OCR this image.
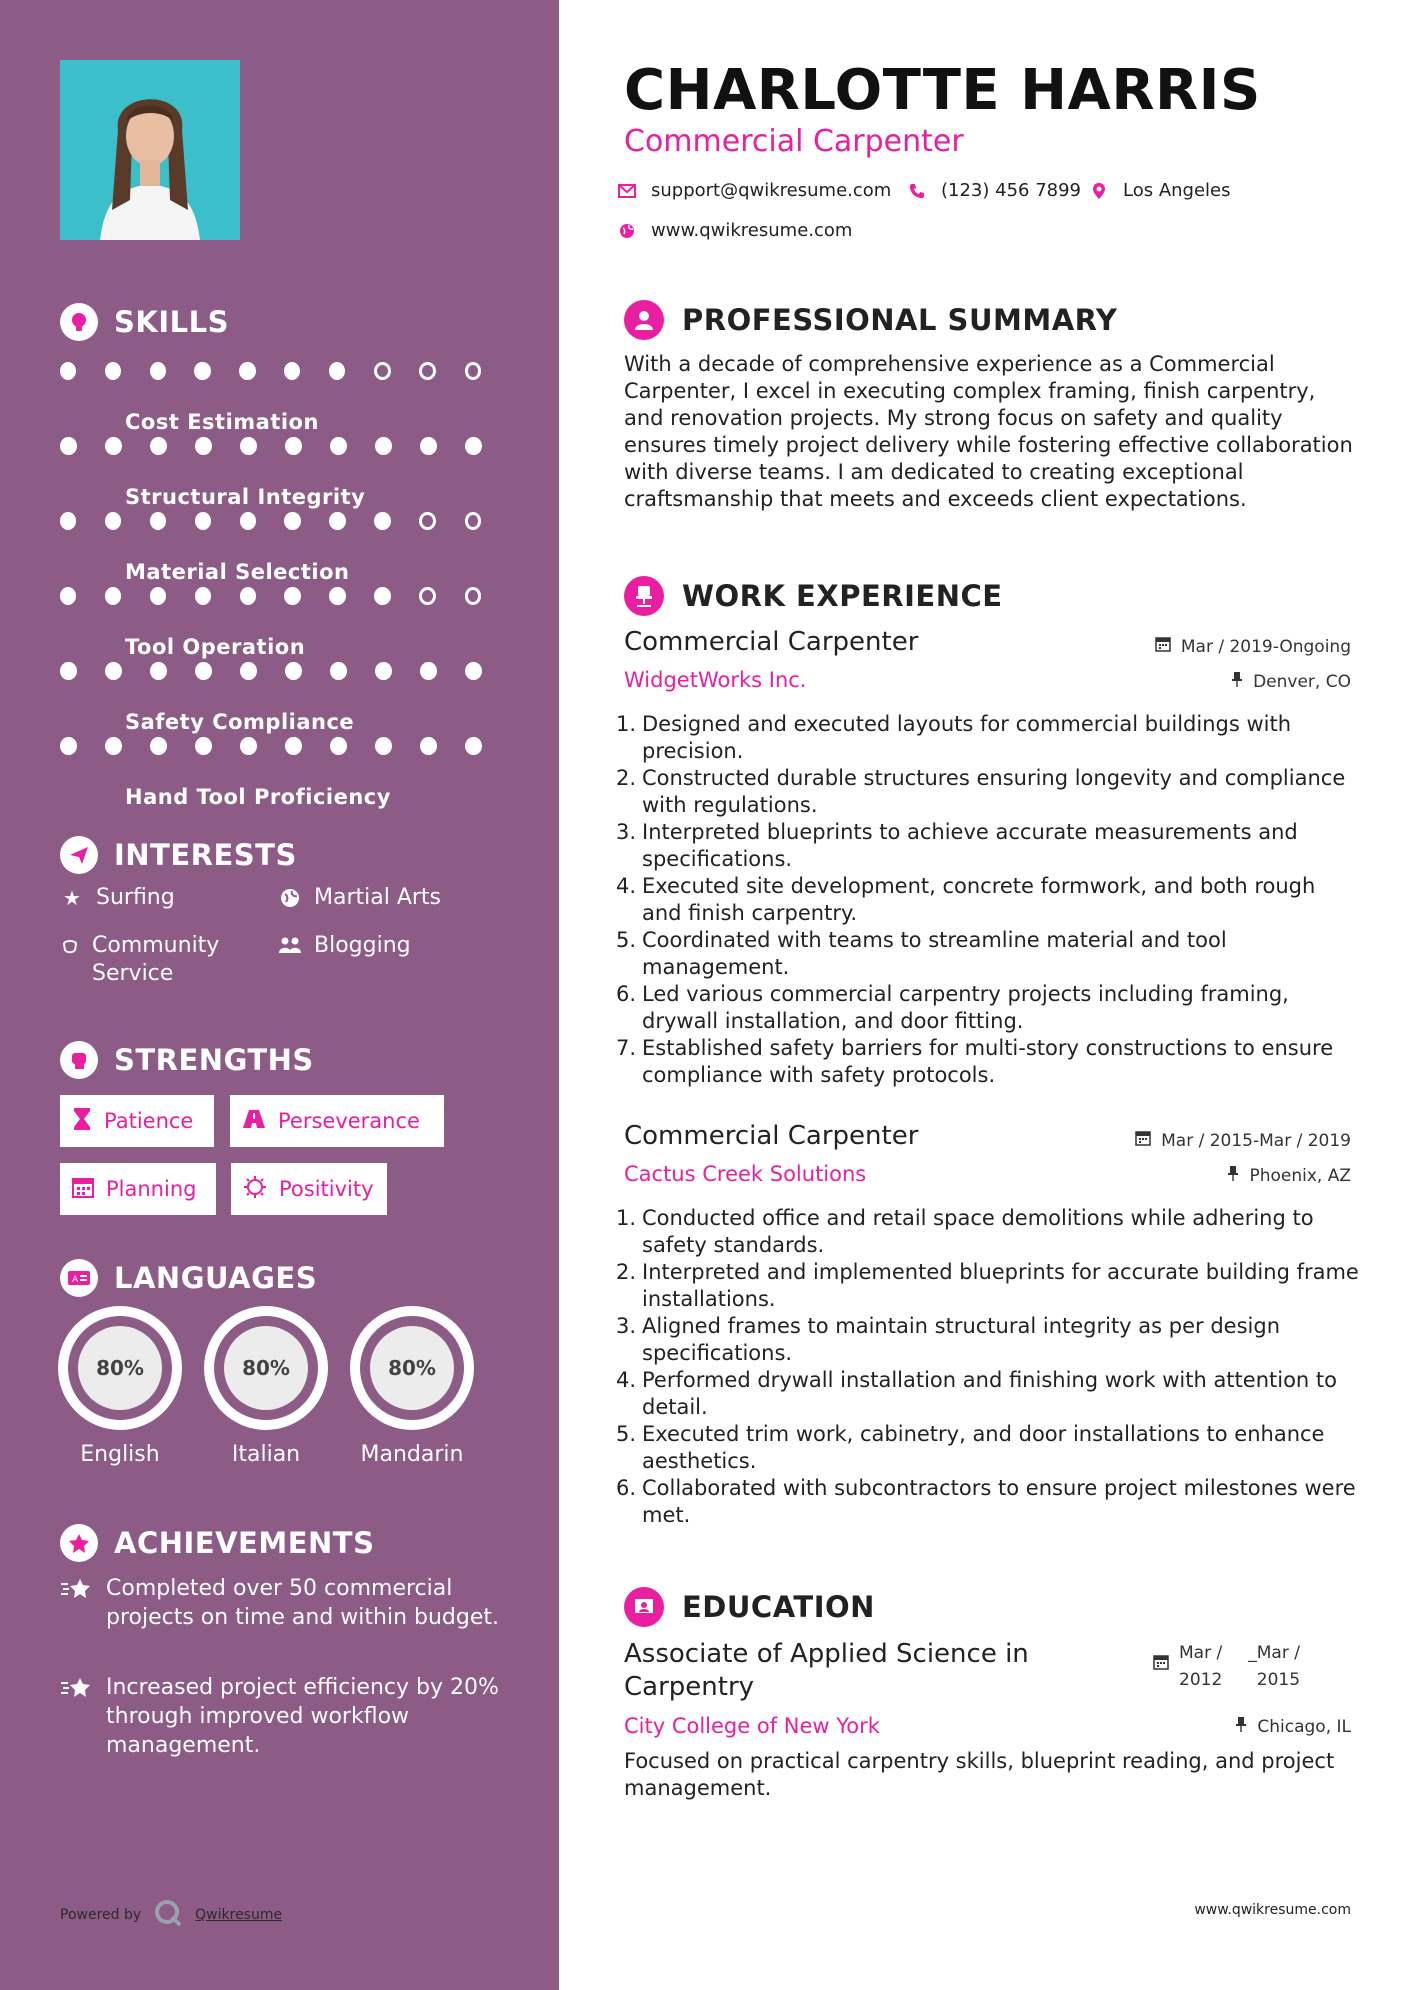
SKILLS
Cost Estimation
Structural Integrity
Material Selection
Tool Operation
Safety Compliance
Hand Tool Proficiency
INTERESTS
★ Surfing	Martial Arts
Community Service
Blogging
STRENGTHS
Patience	Perseverance
Planning	Positivity
A LANGUAGES
80%
English
80%
Italian
80%
Mandarin
ACHIEVEMENTS
Completed over 50 commercial projects on time and within budget.
Increased project efficiency by 20% through improved workflow management.
Powered by	Qwikresume
CHARLOTTE HARRIS
Commercial Carpenter
support@qwikresume.com	(123) 456 7899 Los Angeles
www.qwikresume.com
PROFESSIONAL SUMMARY
With a decade of comprehensive experience as a Commercial Carpenter, I excel in executing complex framing, finish carpentry, and renovation projects. My strong focus on safety and quality ensures timely project delivery while fostering effective collaboration with diverse teams. I am dedicated to creating exceptional craftsmanship that meets and exceeds client expectations.
WORK EXPERIENCE
Commercial Carpenter
WidgetWorks Inc.
Mar / 2019-Ongoing
Denver, CO
Designed and executed layouts for commercial buildings with precision.
Constructed durable structures ensuring longevity and compliance with regulations.
Interpreted blueprints to achieve accurate measurements and specifications.
Executed site development, concrete formwork, and both rough and finish carpentry.
Coordinated with teams to streamline material and tool management.
Led various commercial carpentry projects including framing, drywall installation, and door fitting.
Established safety barriers for multi-story constructions to ensure compliance with safety protocols.
Commercial Carpenter
Cactus Creek Solutions
Mar / 2015-Mar / 2019
Phoenix, AZ
Conducted office and retail space demolitions while adhering to safety standards.
Interpreted and implemented blueprints for accurate building frame installations.
Aligned frames to maintain structural integrity as per design specifications.
Performed drywall installation and finishing work with attention to detail.
Executed trim work, cabinetry, and door installations to enhance aesthetics.
Collaborated with subcontractors to ensure project milestones were met.
EDUCATION
Associate of Applied Science in
Carpentry
City College of New York
Mar /
2012
_ Mar /
2015
Chicago, IL
Focused on practical carpentry skills, blueprint reading, and project management.
www.qwikresume.com
